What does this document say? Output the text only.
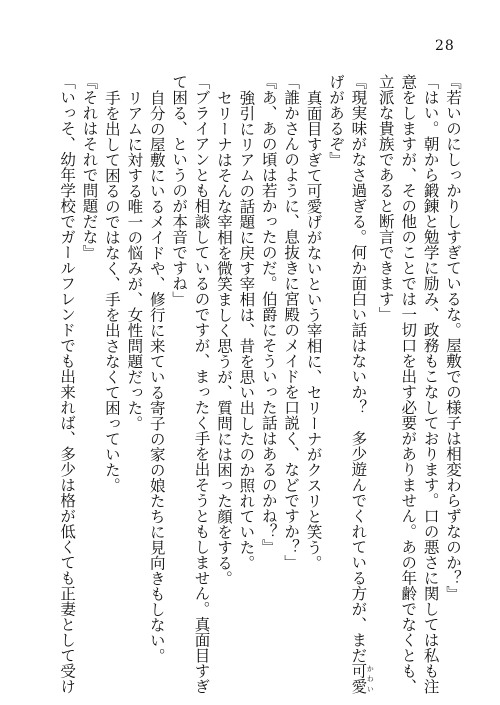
28

『若いのにしっかりしすぎているな。屋敷での様子は相変わらずなのか？』

「はい。朝から鍛錬と勉学に励み、政務もこなしております。口の悪さに関しては私も注

意をしますが、その他のことでは一切口を出す必要がありません。あの年齢でなくとも、

立派な貴族であると断言できます」

『現実味がなさ過ぎる。何か面白い話はないか？　多少遊んでくれている方が、まだ可愛 かわい

げがあるぞ』

真面目すぎて可愛げがないという宰相に、セリーナがクスリと笑う。

「誰かさんのように、息抜きに宮殿のメイドを口説く、などですか？」

『あ、あの頃は若かったのだ。伯爵にそういった話はあるのかね？』

強引にリアムの話題に戻す宰相は、昔を思い出したのか照れていた。

セリーナはそんな宰相を微笑ましく思うが、質問には困った顔をする。

「ブライアンとも相談しているのですが、まったく手を出そうともしません。真面目すぎ

て困る、というのが本音ですね」

自分の屋敷にいるメイドや、修行に来ている寄子の家の娘たちに見向きもしない。

リアムに対する唯一の悩みが、女性問題だった。

手を出して困るのではなく、手を出さなくて困っていた。

『それはそれで問題だな』

「いっそ、幼年学校でガールフレンドでも出来れば、多少は格が低くても正妻として受け
